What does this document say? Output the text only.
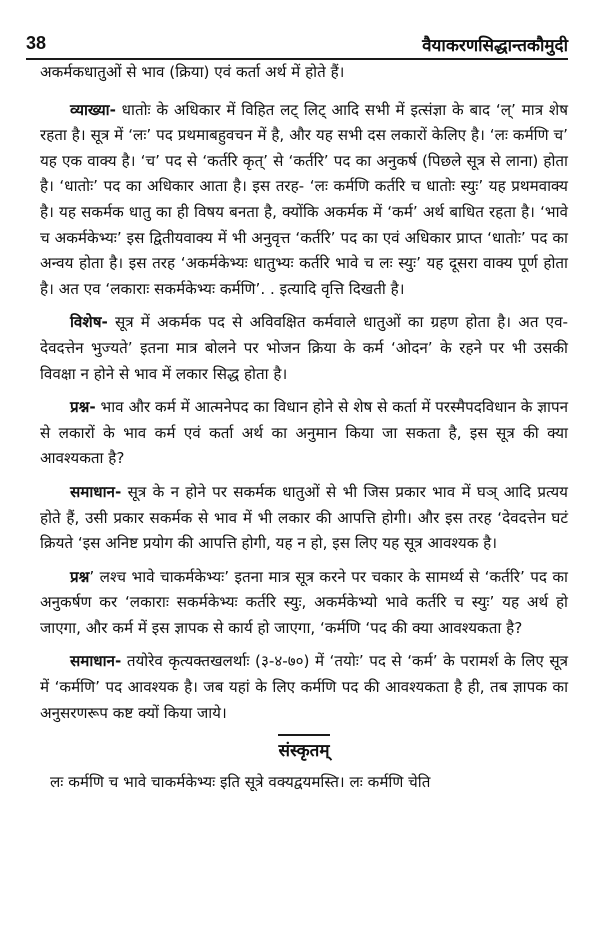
38	वैयाकरणसिद्धान्तकौमुदी

अकर्मकधातुओं से भाव (क्रिया) एवं कर्ता अर्थ में होते हैं।

व्याख्या- धातोः के अधिकार में विहित लट् लिट् आदि सभी में इत्संज्ञा के बाद ‘ल्’ मात्र शेष रहता है। सूत्र में ‘लः’ पद प्रथमाबहुवचन में है, और यह सभी दस लकारों केलिए है। ‘लः कर्मणि च’ यह एक वाक्य है। ‘च’ पद से ‘कर्तरि कृत्’ से ‘कर्तरि’ पद का अनुकर्ष (पिछले सूत्र से लाना) होता है। ‘धातोः’ पद का अधिकार आता है। इस तरह- ‘लः कर्मणि कर्तरि च धातोः स्युः’ यह प्रथमवाक्य है। यह सकर्मक धातु का ही विषय बनता है, क्योंकि अकर्मक में ‘कर्म’ अर्थ बाधित रहता है। ‘भावे च अकर्मकेभ्यः’ इस द्वितीयवाक्य में भी अनुवृत्त ‘कर्तरि’ पद का एवं अधिकार प्राप्त ‘धातोः’ पद का अन्वय होता है। इस तरह ‘अकर्मकेभ्यः धातुभ्यः कर्तरि भावे च लः स्युः’ यह दूसरा वाक्य पूर्ण होता है। अत एव ‘लकाराः सकर्मकेभ्यः कर्मणि’. . इत्यादि वृत्ति दिखती है।

विशेष- सूत्र में अकर्मक पद से अविवक्षित कर्मवाले धातुओं का ग्रहण होता है। अत एव- देवदत्तेन भुज्यते’ इतना मात्र बोलने पर भोजन क्रिया के कर्म ‘ओदन’ के रहने पर भी उसकी विवक्षा न होने से भाव में लकार सिद्ध होता है।

प्रश्न- भाव और कर्म में आत्मनेपद का विधान होने से शेष से कर्ता में परस्मैपदविधान के ज्ञापन से लकारों के भाव कर्म एवं कर्ता अर्थ का अनुमान किया जा सकता है, इस सूत्र की क्या आवश्यकता है?

समाधान- सूत्र के न होने पर सकर्मक धातुओं से भी जिस प्रकार भाव में घञ् आदि प्रत्यय होते हैं, उसी प्रकार सकर्मक से भाव में भी लकार की आपत्ति होगी। और इस तरह ‘देवदत्तेन घटं क्रियते ‘इस अनिष्ट प्रयोग की आपत्ति होगी, यह न हो, इस लिए यह सूत्र आवश्यक है।

प्रश्न’ लश्च भावे चाकर्मकेभ्यः’ इतना मात्र सूत्र करने पर चकार के सामर्थ्य से ‘कर्तरि’ पद का अनुकर्षण कर ‘लकाराः सकर्मकेभ्यः कर्तरि स्युः, अकर्मकेभ्यो भावे कर्तरि च स्युः’ यह अर्थ हो जाएगा, और कर्म में इस ज्ञापक से कार्य हो जाएगा, ‘कर्मणि ‘पद की क्या आवश्यकता है?

समाधान- तयोरेव कृत्यक्तखलर्थाः (३-४-७०) में ‘तयोः’ पद से ‘कर्म’ के परामर्श के लिए सूत्र में ‘कर्मणि’ पद आवश्यक है। जब यहां के लिए कर्मणि पद की आवश्यकता है ही, तब ज्ञापक का अनुसरणरूप कष्ट क्यों किया जाये।

संस्कृतम्

लः कर्मणि च भावे चाकर्मकेभ्यः इति सूत्रे वक्यद्वयमस्ति। लः कर्मणि चेति
